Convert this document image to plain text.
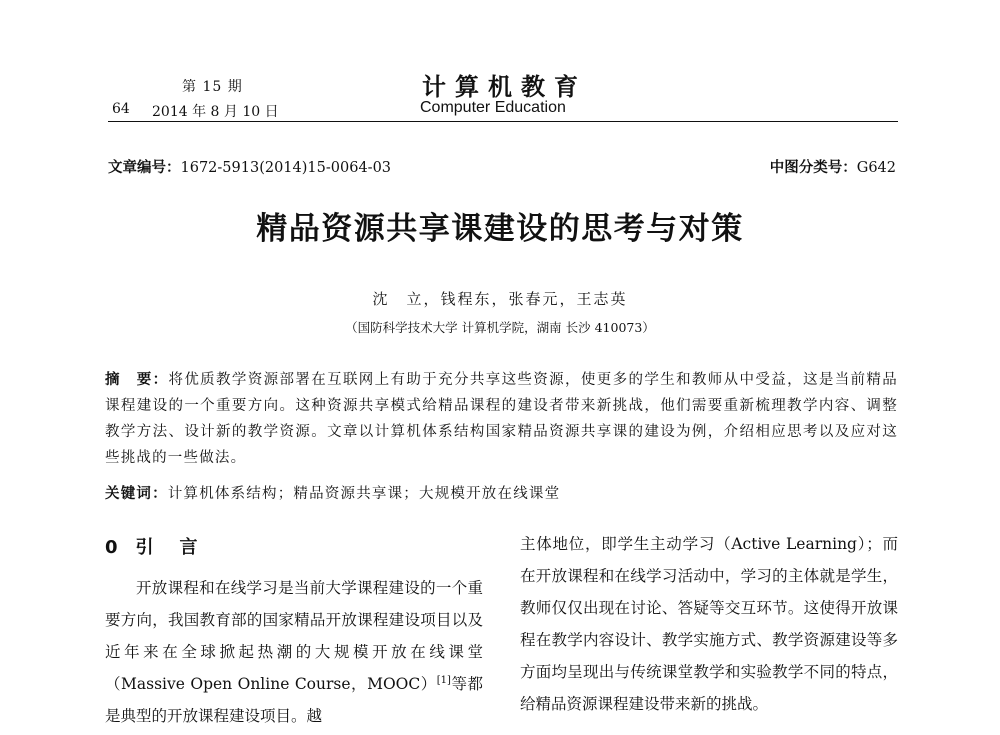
第 15 期
64 2014 年 8 月 10 日
计算机教育
Computer Education
文章编号：1672-5913(2014)15-0064-03	中图分类号：G642
精品资源共享课建设的思考与对策
沈　立，钱程东，张春元，王志英
（国防科学技术大学 计算机学院，湖南 长沙 410073）
摘　要：将优质教学资源部署在互联网上有助于充分共享这些资源，使更多的学生和教师从中受益，这是当前精品课程建设的一个重要方向。这种资源共享模式给精品课程的建设者带来新挑战，他们需要重新梳理教学内容、调整教学方法、设计新的教学资源。文章以计算机体系结构国家精品资源共享课的建设为例，介绍相应思考以及应对这些挑战的一些做法。
关键词：计算机体系结构；精品资源共享课；大规模开放在线课堂
0 引　言

开放课程和在线学习是当前大学课程建设的一个重要方向，我国教育部的国家精品开放课程建设项目以及近年来在全球掀起热潮的大规模开放在线课堂（Massive Open Online Course，MOOC）[1]等都是典型的开放课程建设项目。越

主体地位，即学生主动学习（Active Learning）；而在开放课程和在线学习活动中，学习的主体就是学生，教师仅仅出现在讨论、答疑等交互环节。这使得开放课程在教学内容设计、教学实施方式、教学资源建设等多方面均呈现出与传统课堂教学和实验教学不同的特点，给精品资源课程建设带来新的挑战。
